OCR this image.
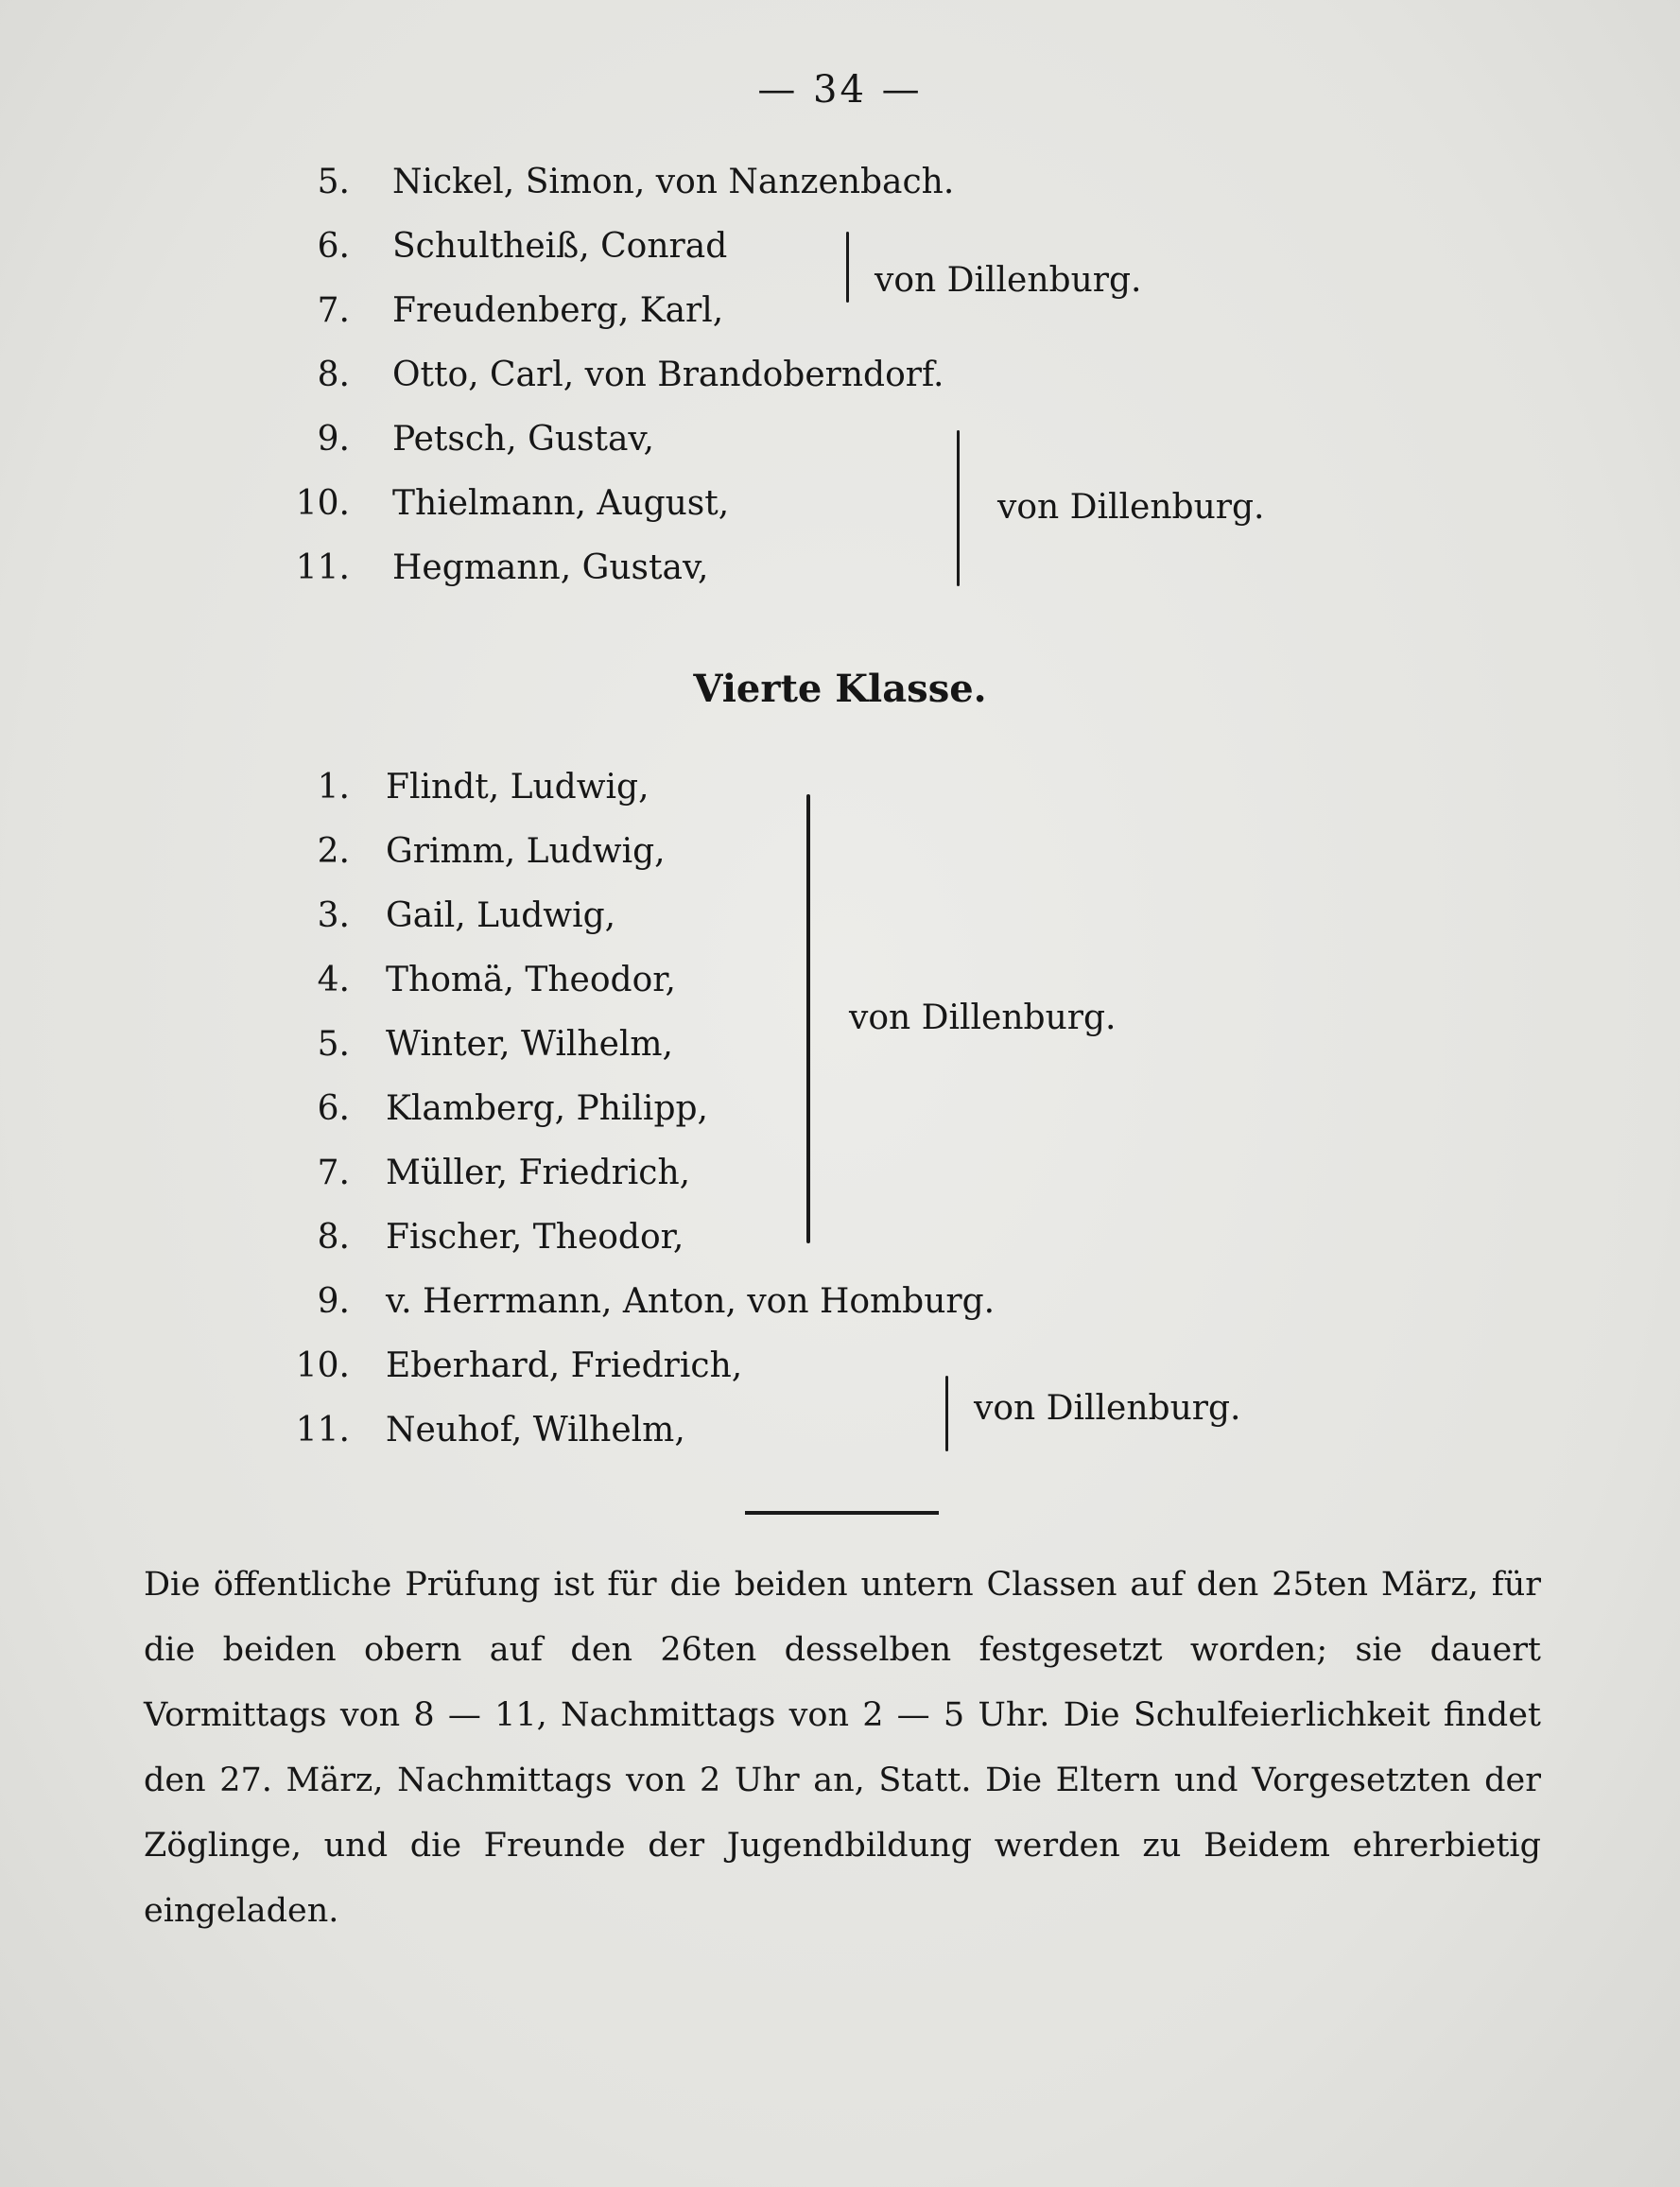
— 34 —
5. Nickel, Simon, von Nanzenbach.
6. Schultheiß, Conrad
7. Freudenberg, Karl,
8. Otto, Carl, von Brandoberndorf.
9. Petsch, Gustav,
10. Thielmann, August,
11. Hegmann, Gustav,
von Dillenburg.
von Dillenburg.
Vierte Klasse.
1. Flindt, Ludwig,
2. Grimm, Ludwig,
3. Gail, Ludwig,
4. Thomä, Theodor,
5. Winter, Wilhelm,
6. Klamberg, Philipp,
7. Müller, Friedrich,
8. Fischer, Theodor,
9. v. Herrmann, Anton, von Homburg.
10. Eberhard, Friedrich,
11. Neuhof, Wilhelm,
von Dillenburg.
von Dillenburg.
Die öffentliche Prüfung ist für die beiden untern Classen auf den 25ten März, für die beiden obern auf den 26ten desselben festgesetzt worden; sie dauert Vormittags von 8 — 11, Nachmittags von 2 — 5 Uhr. Die Schulfeierlichkeit findet den 27. März, Nachmittags von 2 Uhr an, Statt. Die Eltern und Vorgesetzten der Zöglinge, und die Freunde der Jugendbildung werden zu Beidem ehrerbietig eingeladen.
